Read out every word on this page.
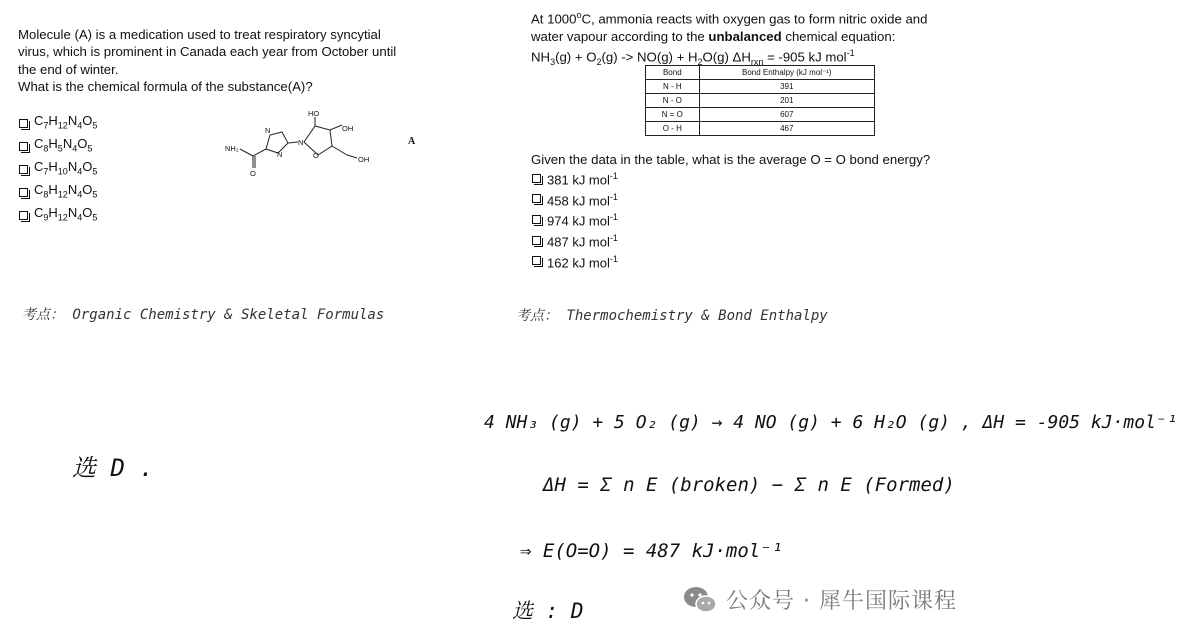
Molecule (A) is a medication used to treat respiratory syncytial
virus, which is prominent in Canada each year from October until
the end of winter.
What is the chemical formula of the substance(A)?
$C_7H_{12}N_4O_5$
$C_8H_5N_4O_5$
$C_7H_{10}N_4O_5$
$C_8H_{12}N_4O_5$
$C_9H_{12}N_4O_5$
NH₂
O
N
N
N
HO
OH
O	OH
A
考点： Organic Chemistry & Skeletal Formulas
选 D .
At 1000$^o$C, ammonia reacts with oxygen gas to form nitric oxide and
water vapour according to the unbalanced chemical equation:
$NH_3(g) + O_2(g) -> NO(g) + H_2O(g) \Delta H_{rxn} = -905$ kJ mol$^{-1}$
Bond	Bond Enthalpy (kJ mol⁻¹)
N - H	391
N - O	201
N = O	607
O - H	467
Given the data in the table, what is the average O = O bond energy?
381 kJ mol$^{-1}$
458 kJ mol$^{-1}$
974 kJ mol$^{-1}$
487 kJ mol$^{-1}$
162 kJ mol$^{-1}$
考点： Thermochemistry & Bond Enthalpy
4 NH₃ (g) + 5 O₂ (g) → 4 NO (g) + 6 H₂O (g) , ΔH = -905 kJ·mol⁻¹
ΔH = Σ n E (broken) − Σ n E (Formed)
⇒ E(O=O) = 487 kJ·mol⁻¹
选 : D	公众号 · 犀牛国际课程
